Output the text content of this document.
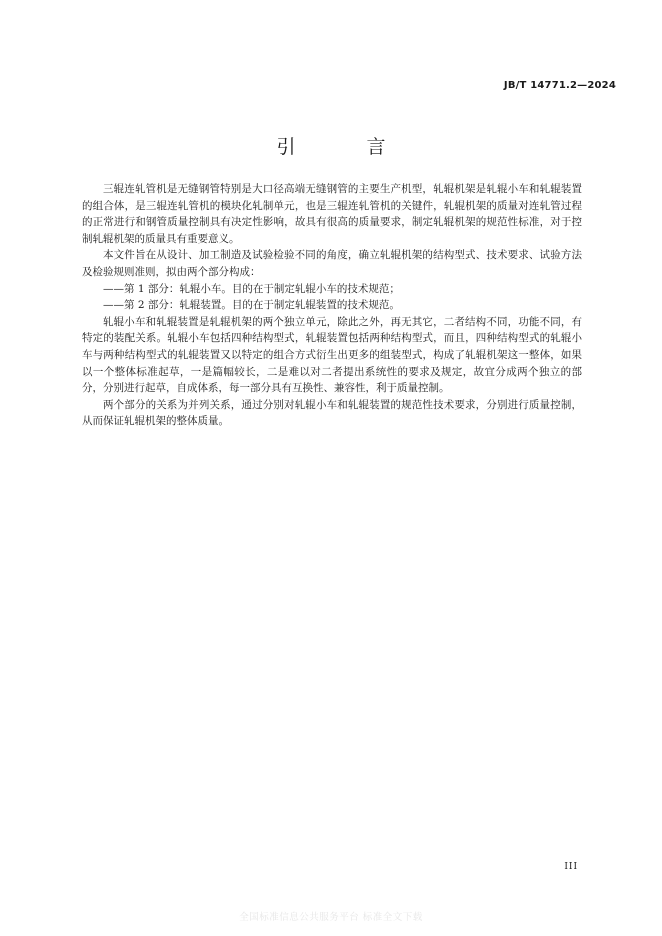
JB/T 14771.2—2024
引　言

三辊连轧管机是无缝钢管特别是大口径高端无缝钢管的主要生产机型，轧辊机架是轧辊小车和轧辊装置的组合体，是三辊连轧管机的模块化轧制单元，也是三辊连轧管机的关键件，轧辊机架的质量对连轧管过程的正常进行和钢管质量控制具有决定性影响，故具有很高的质量要求，制定轧辊机架的规范性标准，对于控制轧辊机架的质量具有重要意义。

本文件旨在从设计、加工制造及试验检验不同的角度，确立轧辊机架的结构型式、技术要求、试验方法及检验规则准则，拟由两个部分构成：

——第 1 部分：轧辊小车。目的在于制定轧辊小车的技术规范；

——第 2 部分：轧辊装置。目的在于制定轧辊装置的技术规范。

轧辊小车和轧辊装置是轧辊机架的两个独立单元，除此之外，再无其它，二者结构不同，功能不同，有特定的装配关系。轧辊小车包括四种结构型式，轧辊装置包括两种结构型式，而且，四种结构型式的轧辊小车与两种结构型式的轧辊装置又以特定的组合方式衍生出更多的组装型式，构成了轧辊机架这一整体，如果以一个整体标准起草，一是篇幅较长，二是难以对二者提出系统性的要求及规定，故宜分成两个独立的部分，分别进行起草，自成体系，每一部分具有互换性、兼容性，利于质量控制。

两个部分的关系为并列关系，通过分别对轧辊小车和轧辊装置的规范性技术要求，分别进行质量控制，从而保证轧辊机架的整体质量。

III
全国标准信息公共服务平台 标准全文下载
